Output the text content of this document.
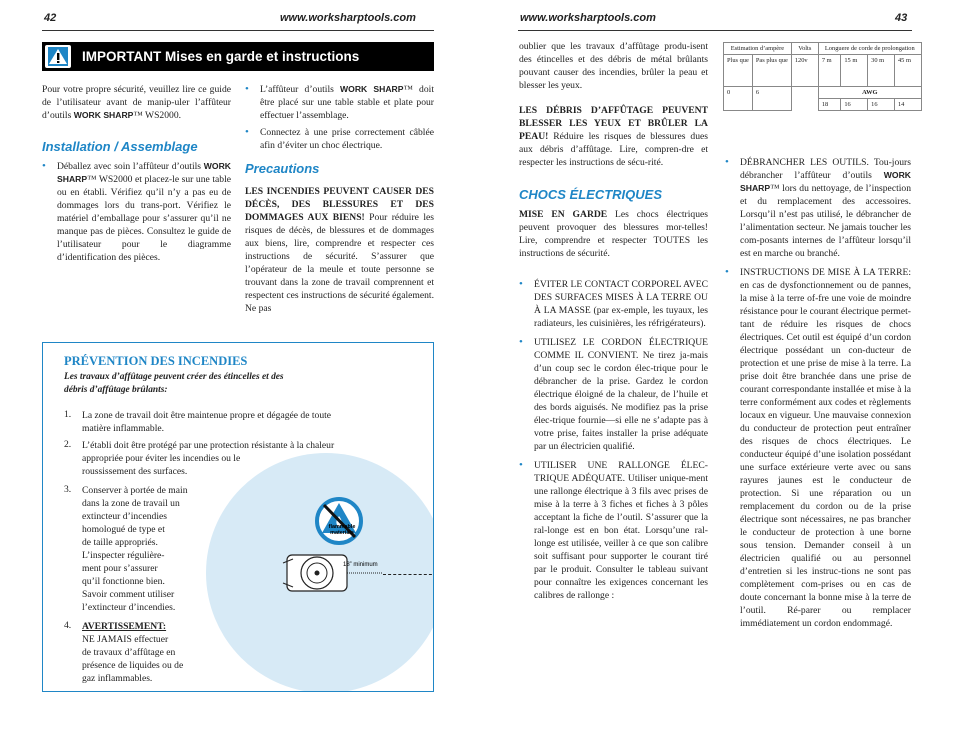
42	www.worksharptools.com
IMPORTANT Mises en garde et instructions

Pour votre propre sécurité, veuillez lire ce guide de l’utilisateur avant de manip-uler l’affûteur d’outils WORK SHARP™ WS2000.

Installation / Assemblage

• Déballez avec soin l’affûteur d’outils WORK SHARP™ WS2000 et placez-le sur une table ou en établi. Vérifiez qu’il n’y a pas eu de dommages lors du trans-port. Vérifiez le matériel d’emballage pour s’assurer qu’il ne manque pas de pièces. Consultez le guide de l’utilisateur pour le diagramme d’identification des pièces.

• L’affûteur d’outils WORK SHARP™ doit être placé sur une table stable et plate pour effectuer l’assemblage.

• Connectez à une prise correctement câblée afin d’éviter un choc électrique.

Precautions

LES INCENDIES PEUVENT CAUSER DES DÉCÈS, DES BLESSURES ET DES DOMMAGES AUX BIENS! Pour réduire les risques de décès, de blessures et de dommages aux biens, lire, comprendre et respecter ces instructions de sécurité. S’assurer que l’opérateur de la meule et toute personne se trouvant dans la zone de travail comprennent et respectent ces instructions de sécurité également. Ne pas

flammable
materials
18” minimum
PRÉVENTION DES INCENDIES
Les travaux d’affûtage peuvent créer des étincelles et des
débris d’affûtage brûlants:
1. La zone de travail doit être maintenue propre et dégagée de toute
matière inflammable.
2. L’établi doit être protégé par une protection résistante à la chaleur
appropriée pour éviter les incendies ou le
roussissement des surfaces.
3. Conserver à portée de main
dans la zone de travail un
extincteur d’incendies
homologué de type et
de taille appropriés.
L’inspecter régulière-
ment pour s’assurer
qu’il fonctionne bien.
Savoir comment utiliser
l’extincteur d’incendies.
4. AVERTISSEMENT:
NE JAMAIS effectuer
de travaux d’affûtage en
présence de liquides ou de
gaz inflammables.
www.worksharptools.com	43

oublier que les travaux d’affûtage produ-isent des étincelles et des débris de métal brûlants pouvant causer des incendies, brûler la peau et blesser les yeux.

LES DÉBRIS D’AFFÛTAGE PEUVENT BLESSER LES YEUX ET BRÛLER LA PEAU! Réduire les risques de blessures dues aux débris d’affûtage. Lire, compren-dre et respecter les instructions de sécu-rité.

CHOCS ÉLECTRIQUES

MISE EN GARDE Les chocs électriques peuvent provoquer des blessures mor-telles! Lire, comprendre et respecter TOUTES les instructions de sécurité.

• ÉVITER LE CONTACT CORPOREL AVEC DES SURFACES MISES À LA TERRE OU À LA MASSE (par ex-emple, les tuyaux, les radiateurs, les cuisinières, les réfrigérateurs).

• UTILISEZ LE CORDON ÉLECTRIQUE COMME IL CONVIENT. Ne tirez ja-mais d’un coup sec le cordon élec-trique pour le débrancher de la prise. Gardez le cordon électrique éloigné de la chaleur, de l’huile et des bords aiguisés. Ne modifiez pas la prise élec-trique fournie—si elle ne s’adapte pas à votre prise, faites installer la prise adéquate par un électricien qualifié.

• UTILISER UNE RALLONGE ÉLEC-TRIQUE ADÉQUATE. Utiliser unique-ment une rallonge électrique à 3 fils avec prises de mise à la terre à 3 fiches et fiches à 3 pôles acceptant la fiche de l’outil. S’assurer que la ral-longe est en bon état. Lorsqu’une ral-longe est utilisée, veiller à ce que son calibre soit suffisant pour supporter le courant tiré par le produit. Consulter le tableau suivant pour connaître les exigences concernant les calibres de rallonge :

Estimation d’ampère		Volts	Longuere de corde de prolongation			
Plus que	Pas plus que	120v	7 m	15 m	30 m	45 m
0	6		AWG			
			18	16	16	14

• DÉBRANCHER LES OUTILS. Tou-jours débrancher l’affûteur d’outils WORK SHARP™ lors du nettoyage, de l’inspection et du remplacement des accessoires. Lorsqu’il n’est pas utilisé, le débrancher de l’alimentation secteur. Ne jamais toucher les com-posants internes de l’affûteur lorsqu’il est en marche ou branché.

• INSTRUCTIONS DE MISE À LA TERRE: en cas de dysfonctionnement ou de pannes, la mise à la terre of-fre une voie de moindre résistance pour le courant électrique permet-tant de réduire les risques de chocs électriques. Cet outil est équipé d’un cordon électrique possédant un con-ducteur de protection et une prise de mise à la terre. La prise doit être branchée dans une prise de courant correspondante installée et mise à la terre conformément aux codes et règlements locaux en vigueur. Une mauvaise connexion du conducteur de protection peut entraîner des risques de chocs électriques. Le conducteur équipé d’une isolation possédant une surface extérieure verte avec ou sans rayures jaunes est le conducteur de protection. Si une réparation ou un remplacement du cordon ou de la prise électrique sont nécessaires, ne pas brancher le conducteur de protection à une borne sous tension. Demander conseil à un électricien qualifié ou au personnel d’entretien si les instruc-tions ne sont pas complètement com-prises ou en cas de doute concernant la bonne mise à la terre de l’outil. Ré-parer ou remplacer immédiatement un cordon endommagé.
